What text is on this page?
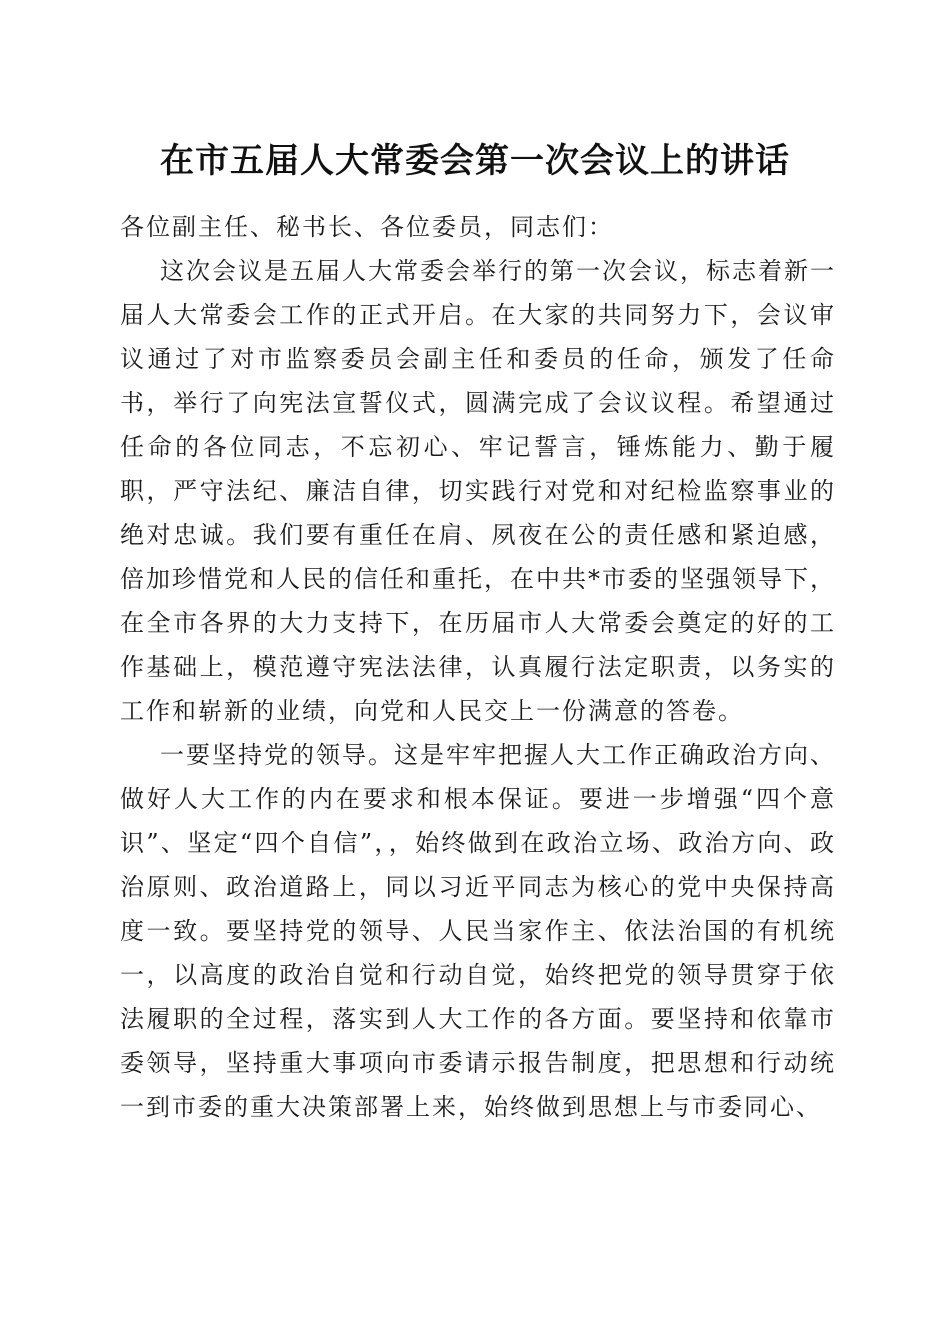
在市五届人大常委会第一次会议上的讲话

各位副主任、秘书长、各位委员，同志们：

这次会议是五届人大常委会举行的第一次会议，标志着新一届人大常委会工作的正式开启。在大家的共同努力下，会议审议通过了对市监察委员会副主任和委员的任命，颁发了任命书，举行了向宪法宣誓仪式，圆满完成了会议议程。希望通过任命的各位同志，不忘初心、牢记誓言，锤炼能力、勤于履职，严守法纪、廉洁自律，切实践行对党和对纪检监察事业的绝对忠诚。我们要有重任在肩、夙夜在公的责任感和紧迫感，倍加珍惜党和人民的信任和重托，在中共*市委的坚强领导下，在全市各界的大力支持下，在历届市人大常委会奠定的好的工作基础上，模范遵守宪法法律，认真履行法定职责，以务实的工作和崭新的业绩，向党和人民交上一份满意的答卷。

一要坚持党的领导。这是牢牢把握人大工作正确政治方向、做好人大工作的内在要求和根本保证。要进一步增强“四个意识”、坚定“四个自信”，，始终做到在政治立场、政治方向、政治原则、政治道路上，同以习近平同志为核心的党中央保持高度一致。要坚持党的领导、人民当家作主、依法治国的有机统一，以高度的政治自觉和行动自觉，始终把党的领导贯穿于依法履职的全过程，落实到人大工作的各方面。要坚持和依靠市委领导，坚持重大事项向市委请示报告制度，把思想和行动统一到市委的重大决策部署上来，始终做到思想上与市委同心、
